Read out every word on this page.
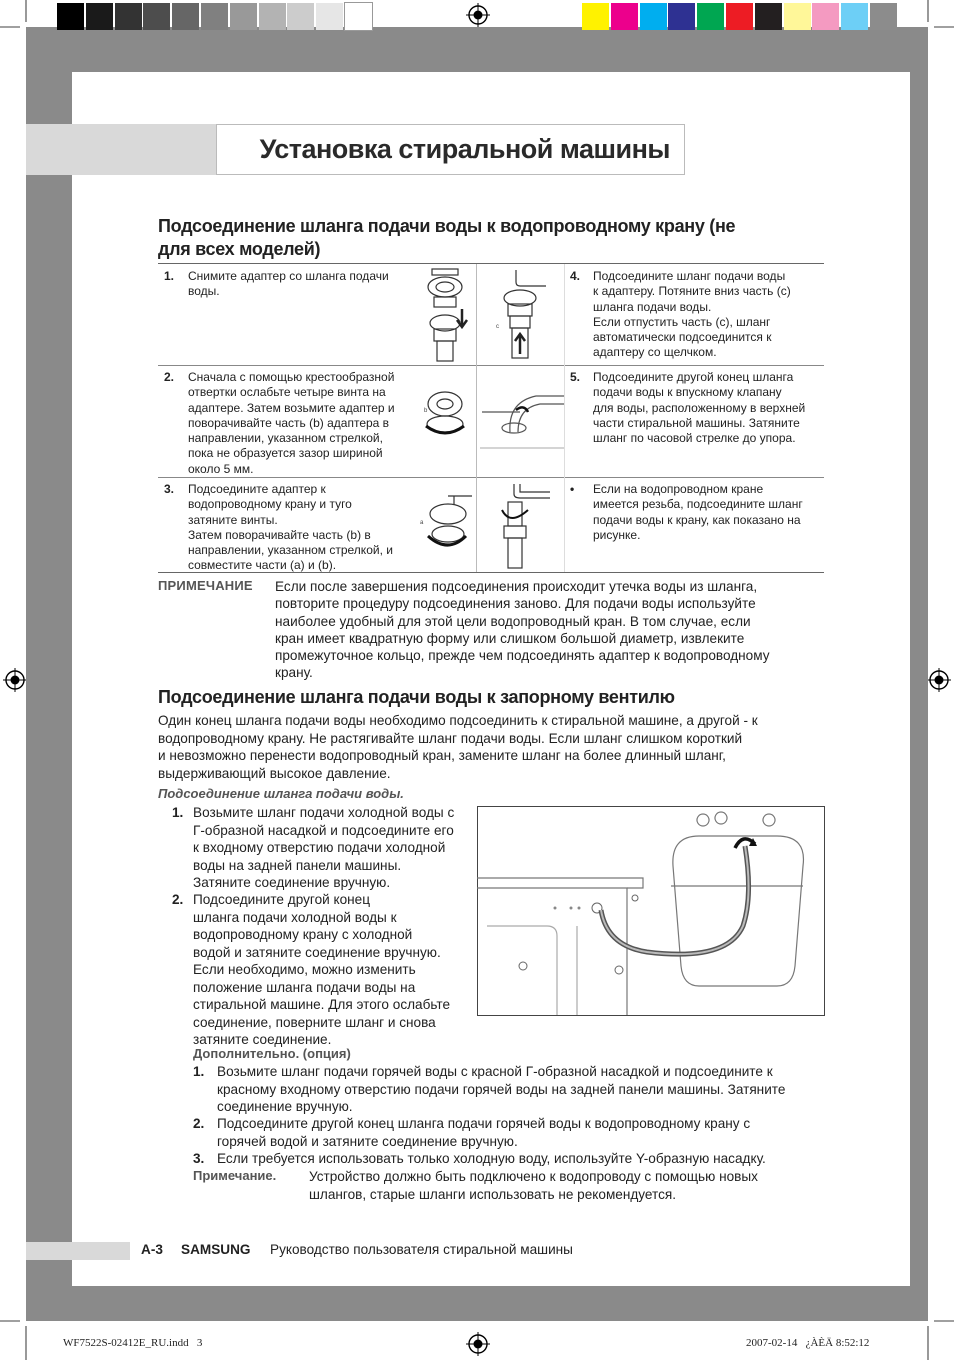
Установка стиральной машины
Подсоединение шланга подачи воды к водопроводному крану (не
для всех моделей)
1. Снимите адаптер со шланга подачи
воды.
2. Сначала с помощью крестообразной
отвертки ослабьте четыре винта на
адаптере. Затем возьмите адаптер и
поворачивайте часть (b) адаптера в
направлении, указанном стрелкой,
пока не образуется зазор шириной
около 5 мм.
3. Подсоедините адаптер к
водопроводному крану и туго
затяните винты.
Затем поворачивайте часть (b) в
направлении, указанном стрелкой, и
совместите части (a) и (b).
4. Подсоедините шланг подачи воды
к адаптеру. Потяните вниз часть (c)
шланга подачи воды.
Если отпустить часть (c), шланг
автоматически подсоединится к
адаптеру со щелчком.
5. Подсоедините другой конец шланга
подачи воды к впускному клапану
для воды, расположенному в верхней
части стиральной машины. Затяните
шланг по часовой стрелке до упора.
• Если на водопроводном кране
имеется резьба, подсоедините шланг
подачи воды к крану, как показано на
рисунке.
c
b
a
ПРИМЕЧАНИЕ Если после завершения подсоединения происходит утечка воды из шланга,
повторите процедуру подсоединения заново. Для подачи воды используйте
наиболее удобный для этой цели водопроводный кран. В том случае, если
кран имеет квадратную форму или слишком большой диаметр, извлеките
промежуточное кольцо, прежде чем подсоединять адаптер к водопроводному
крану.
Подсоединение шланга подачи воды к запорному вентилю
Один конец шланга подачи воды необходимо подсоединить к стиральной машине, а другой - к
водопроводному крану. Не растягивайте шланг подачи воды. Если шланг слишком короткий
и невозможно перенести водопроводный кран, замените шланг на более длинный шланг,
выдерживающий высокое давление.
Подсоединение шланга подачи воды.
1. Возьмите шланг подачи холодной воды с
Г-образной насадкой и подсоедините его
к входному отверстию подачи холодной
воды на задней панели машины.
Затяните соединение вручную.
2. Подсоедините другой конец
шланга подачи холодной воды к
водопроводному крану с холодной
водой и затяните соединение вручную.
Если необходимо, можно изменить
положение шланга подачи воды на
стиральной машине. Для этого ослабьте
соединение, поверните шланг и снова
затяните соединение.
Дополнительно. (опция)
1. Возьмите шланг подачи горячей воды с красной Г-образной насадкой и подсоедините к
красному входному отверстию подачи горячей воды на задней панели машины. Затяните
соединение вручную.
2. Подсоедините другой конец шланга подачи горячей воды к водопроводному крану с
горячей водой и затяните соединение вручную.
3. Если требуется использовать только холодную воду, используйте Y-образную насадку.
Примечание. Устройство должно быть подключено к водопроводу с помощью новых
шлангов, старые шланги использовать не рекомендуется.
A-3 SAMSUNG Руководство пользователя стиральной машины
WF7522S-02412E_RU.indd   3	2007-02-14   ¿ÀÈÄ 8:52:12
